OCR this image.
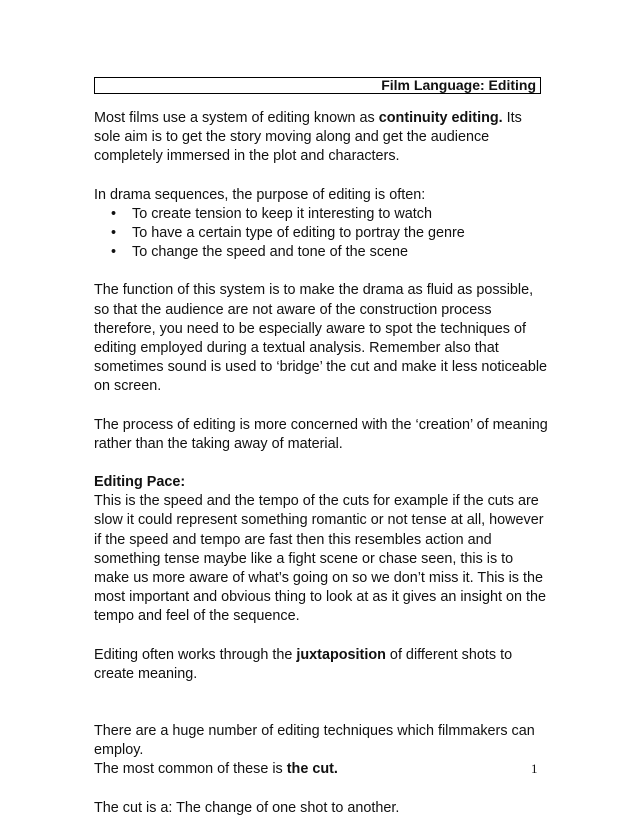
Film Language: Editing

Most films use a system of editing known as continuity editing. Its sole aim is to get the story moving along and get the audience completely immersed in the plot and characters.

In drama sequences, the purpose of editing is often:

• To create tension to keep it interesting to watch
• To have a certain type of editing to portray the genre
• To change the speed and tone of the scene

The function of this system is to make the drama as fluid as possible, so that the audience are not aware of the construction process therefore, you need to be especially aware to spot the techniques of editing employed during a textual analysis. Remember also that sometimes sound is used to ‘bridge’ the cut and make it less noticeable on screen.

The process of editing is more concerned with the ‘creation’ of meaning rather than the taking away of material.

Editing Pace:
This is the speed and the tempo of the cuts for example if the cuts are slow it could represent something romantic or not tense at all, however if the speed and tempo are fast then this resembles action and something tense maybe like a fight scene or chase seen, this is to make us more aware of what’s going on so we don’t miss it. This is the most important and obvious thing to look at as it gives an insight on the tempo and feel of the sequence.

Editing often works through the juxtaposition of different shots to create meaning.

There are a huge number of editing techniques which filmmakers can employ.

The most common of these is the cut.

The cut is a: The change of one shot to another.

1
